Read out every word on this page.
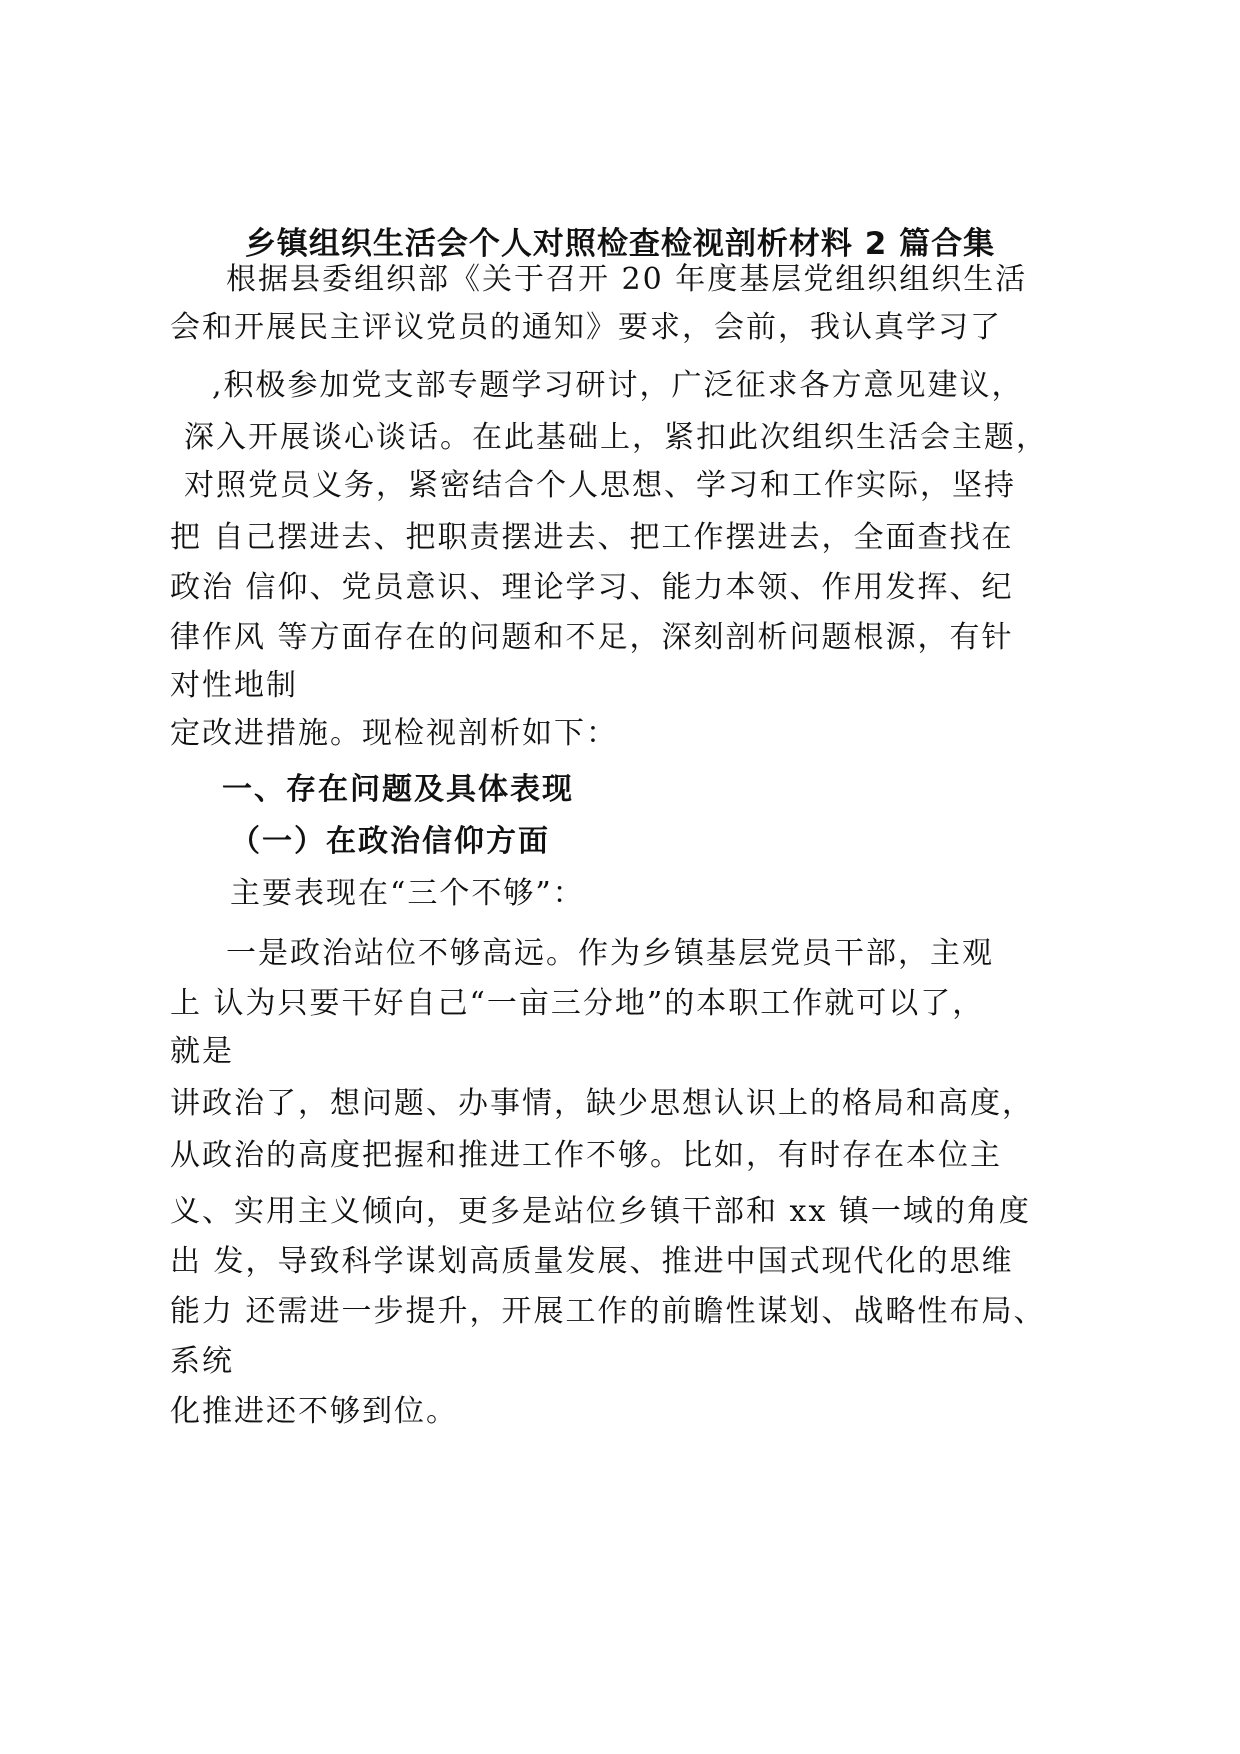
乡镇组织生活会个人对照检查检视剖析材料 2 篇合集
根据县委组织部《关于召开 20 年度基层党组织组织生活
会和开展民主评议党员的通知》要求，会前，我认真学习了
,积极参加党支部专题学习研讨，广泛征求各方意见建议，
深入开展谈心谈话。在此基础上，紧扣此次组织生活会主题，
对照党员义务，紧密结合个人思想、学习和工作实际，坚持
把 自己摆进去、把职责摆进去、把工作摆进去，全面查找在
政治 信仰、党员意识、理论学习、能力本领、作用发挥、纪
律作风 等方面存在的问题和不足，深刻剖析问题根源，有针
对性地制
定改进措施。现检视剖析如下：
一、存在问题及具体表现
（一）在政治信仰方面
主要表现在“三个不够”：
一是政治站位不够高远。作为乡镇基层党员干部，主观
上 认为只要干好自己“一亩三分地”的本职工作就可以了，
就是
讲政治了，想问题、办事情，缺少思想认识上的格局和高度，
从政治的高度把握和推进工作不够。比如，有时存在本位主
义、实用主义倾向，更多是站位乡镇干部和 xx 镇一域的角度
出 发，导致科学谋划高质量发展、推进中国式现代化的思维
能力 还需进一步提升，开展工作的前瞻性谋划、战略性布局、
系统
化推进还不够到位。
